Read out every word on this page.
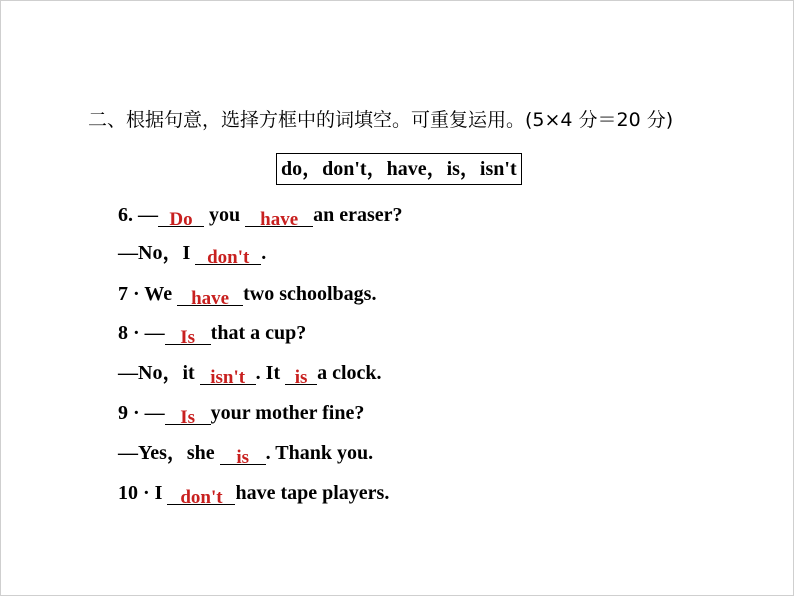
二、根据句意，选择方框中的词填空。可重复运用。(5×4 分＝20 分)
do，don't，have，is，isn't
6. — Do you have an eraser?
—No，I don't .
7 · We have two schoolbags.
8 · — Is that a cup?
—No，it isn't . It is a clock.
9 · — Is your mother fine?
—Yes，she is . Thank you.
10 · I don't have tape players.
